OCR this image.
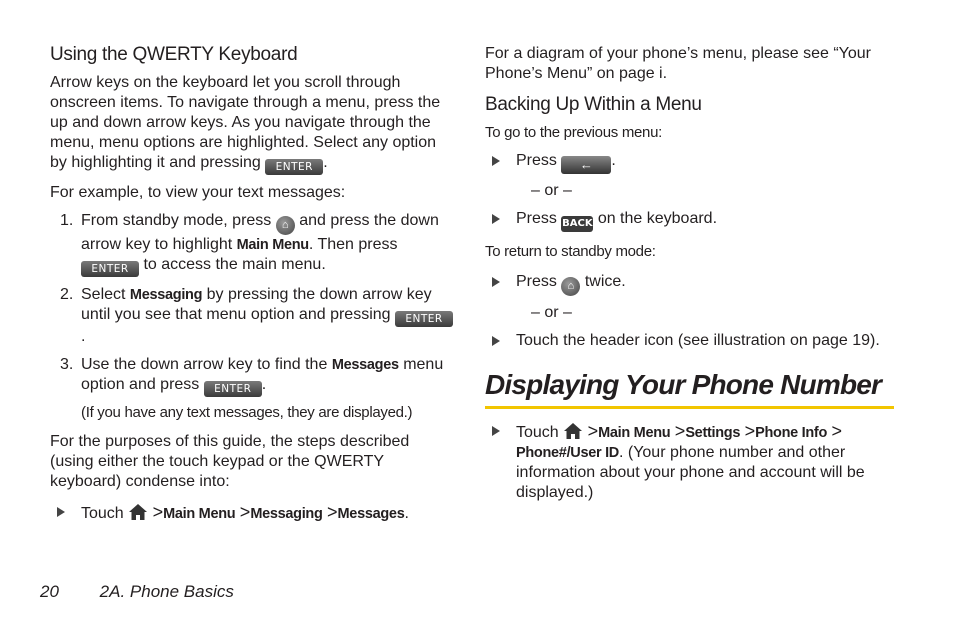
Using the QWERTY Keyboard

Arrow keys on the keyboard let you scroll through onscreen items. To navigate through a menu, press the up and down arrow keys. As you navigate through the menu, menu options are highlighted. Select any option by highlighting it and pressing ENTER .

For example, to view your text messages:

1. From standby mode, press ⌂ and press the down arrow key to highlight Main Menu. Then press ENTER to access the main menu.
2. Select Messaging by pressing the down arrow key until you see that menu option and pressing ENTER.
3. Use the down arrow key to find the Messages menu option and press ENTER .

(If you have any text messages, they are displayed.)

For the purposes of this guide, the steps described (using either the touch keypad or the QWERTY keyboard) condense into:

Touch >Main Menu >Messaging >Messages.

For a diagram of your phone’s menu, please see “Your Phone’s Menu” on page i.

Backing Up Within a Menu

To go to the previous menu:

Press ← .
– or –
Press BACK on the keyboard.

To return to standby mode:

Press ⌂ twice.
– or –
Touch the header icon (see illustration on page 19).
Displaying Your Phone Number
Touch >Main Menu >Settings >Phone Info > Phone#/User ID. (Your phone number and other information about your phone and account will be displayed.)
20 2A. Phone Basics
